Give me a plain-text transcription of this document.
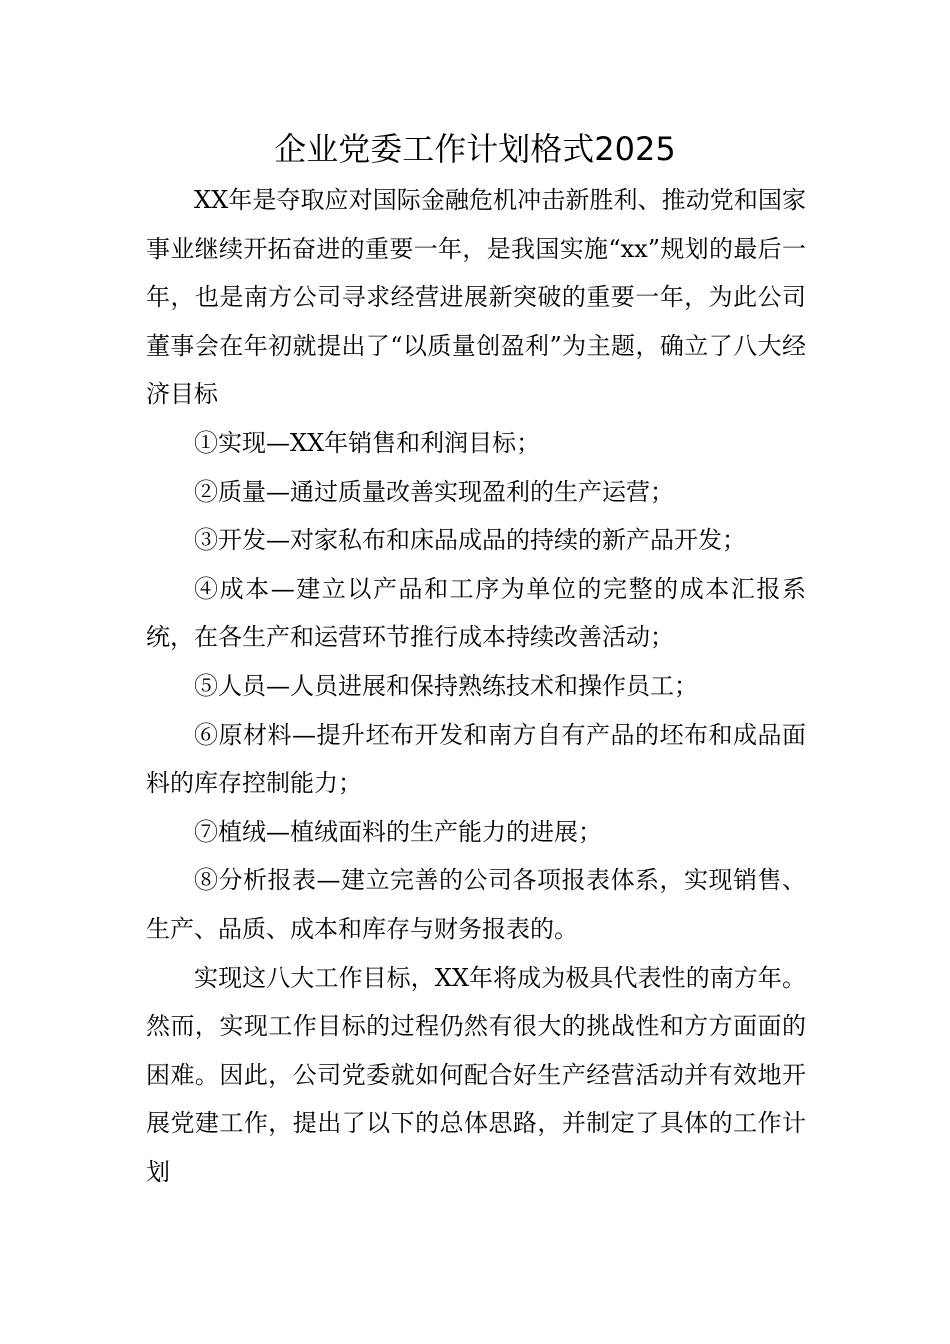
企业党委工作计划格式2025

XX年是夺取应对国际金融危机冲击新胜利、推动党和国家事业继续开拓奋进的重要一年，是我国实施“xx”规划的最后一年，也是南方公司寻求经营进展新突破的重要一年，为此公司董事会在年初就提出了“以质量创盈利”为主题，确立了八大经济目标

①实现—XX年销售和利润目标；

②质量—通过质量改善实现盈利的生产运营；

③开发—对家私布和床品成品的持续的新产品开发；

④成本—建立以产品和工序为单位的完整的成本汇报系统，在各生产和运营环节推行成本持续改善活动；

⑤人员—人员进展和保持熟练技术和操作员工；

⑥原材料—提升坯布开发和南方自有产品的坯布和成品面料的库存控制能力；

⑦植绒—植绒面料的生产能力的进展；

⑧分析报表—建立完善的公司各项报表体系，实现销售、生产、品质、成本和库存与财务报表的。

实现这八大工作目标，XX年将成为极具代表性的南方年。然而，实现工作目标的过程仍然有很大的挑战性和方方面面的困难。因此，公司党委就如何配合好生产经营活动并有效地开展党建工作，提出了以下的总体思路，并制定了具体的工作计划
